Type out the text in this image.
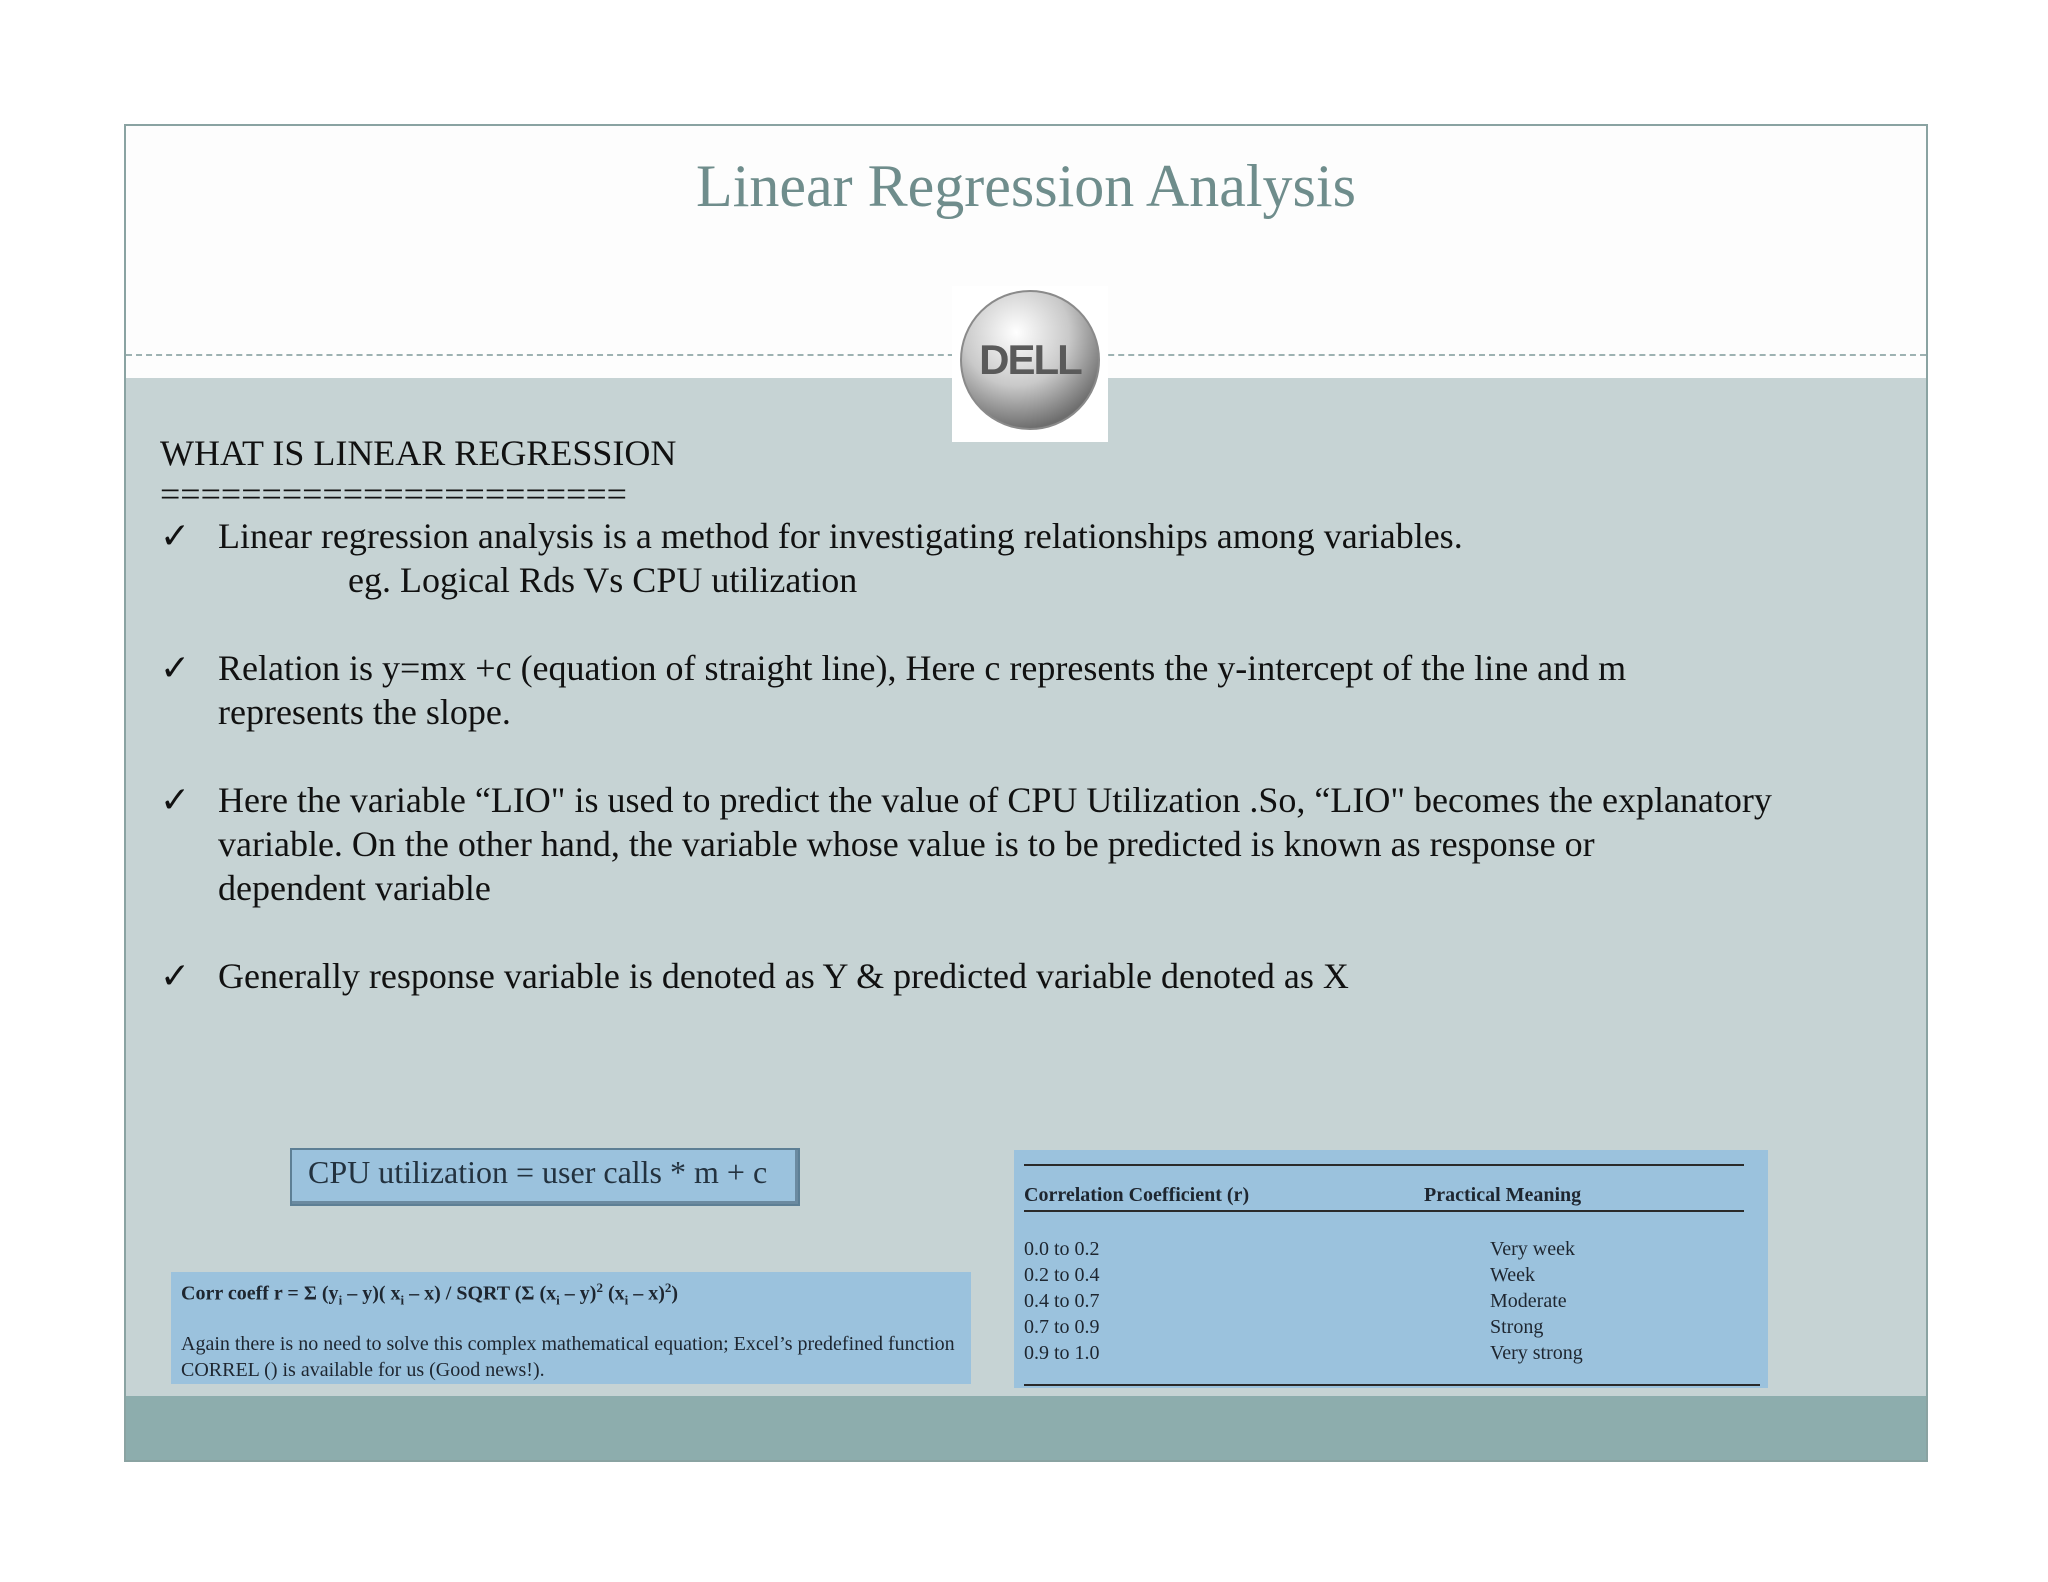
Linear Regression Analysis
DELL

WHAT IS LINEAR REGRESSION

=======================

✓ Linear regression analysis is a method for investigating relationships among variables.

eg. Logical Rds Vs CPU utilization

✓ Relation is y=mx +c (equation of straight line), Here c represents the y-intercept of the line and m
represents the slope.
✓ Here the variable “LIO" is used to predict the value of CPU Utilization .So, “LIO" becomes the explanatory
variable. On the other hand, the variable whose value is to be predicted is known as response or
dependent variable
✓ Generally response variable is denoted as Y & predicted variable denoted as X
CPU utilization = user calls * m + c
Corr coeff r = Σ $(y_i - y)$( $x_i - x$) / SQRT (Σ $(x_i - y)^2$ $(x_i - x)^2$)
Again there is no need to solve this complex mathematical equation; Excel’s predefined function CORREL () is available for us (Good news!).
Correlation Coefficient (r)	Practical Meaning
0.0 to 0.2
0.2 to 0.4
0.4 to 0.7
0.7 to 0.9
0.9 to 1.0
Very week
Week
Moderate
Strong
Very strong
